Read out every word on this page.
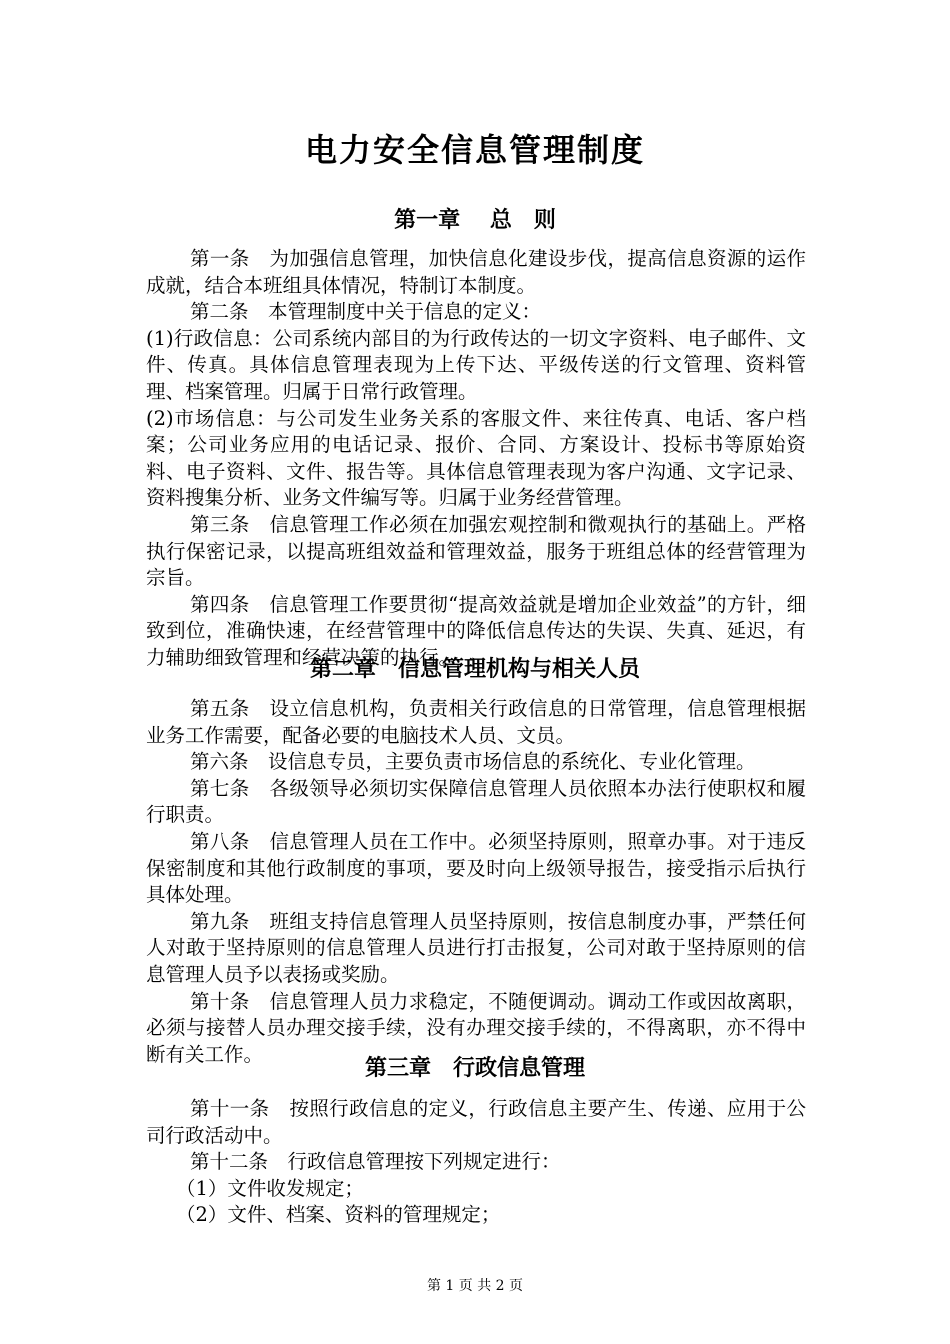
电力安全信息管理制度
第一章　 总　则

第一条　为加强信息管理，加快信息化建设步伐，提高信息资源的运作成就，结合本班组具体情况，特制订本制度。

第二条　本管理制度中关于信息的定义：

(1)行政信息：公司系统内部目的为行政传达的一切文字资料、电子邮件、文件、传真。具体信息管理表现为上传下达、平级传送的行文管理、资料管理、档案管理。归属于日常行政管理。

(2)市场信息：与公司发生业务关系的客服文件、来往传真、电话、客户档案；公司业务应用的电话记录、报价、合同、方案设计、投标书等原始资料、电子资料、文件、报告等。具体信息管理表现为客户沟通、文字记录、资料搜集分析、业务文件编写等。归属于业务经营管理。

第三条　信息管理工作必须在加强宏观控制和微观执行的基础上。严格执行保密记录，以提高班组效益和管理效益，服务于班组总体的经营管理为宗旨。

第四条　信息管理工作要贯彻“提高效益就是增加企业效益”的方针，细致到位，准确快速，在经营管理中的降低信息传达的失误、失真、延迟，有力辅助细致管理和经营决策的执行。

第二章　信息管理机构与相关人员

第五条　设立信息机构，负责相关行政信息的日常管理，信息管理根据业务工作需要，配备必要的电脑技术人员、文员。

第六条　设信息专员，主要负责市场信息的系统化、专业化管理。

第七条　各级领导必须切实保障信息管理人员依照本办法行使职权和履行职责。

第八条　信息管理人员在工作中。必须坚持原则，照章办事。对于违反保密制度和其他行政制度的事项，要及时向上级领导报告，接受指示后执行具体处理。

第九条　班组支持信息管理人员坚持原则，按信息制度办事，严禁任何人对敢于坚持原则的信息管理人员进行打击报复，公司对敢于坚持原则的信息管理人员予以表扬或奖励。

第十条　信息管理人员力求稳定，不随便调动。调动工作或因故离职，必须与接替人员办理交接手续，没有办理交接手续的，不得离职，亦不得中断有关工作。

第三章　行政信息管理

第十一条　按照行政信息的定义，行政信息主要产生、传递、应用于公司行政活动中。

第十二条　行政信息管理按下列规定进行：

（1）文件收发规定；

（2）文件、档案、资料的管理规定；

第 1 页 共 2 页
